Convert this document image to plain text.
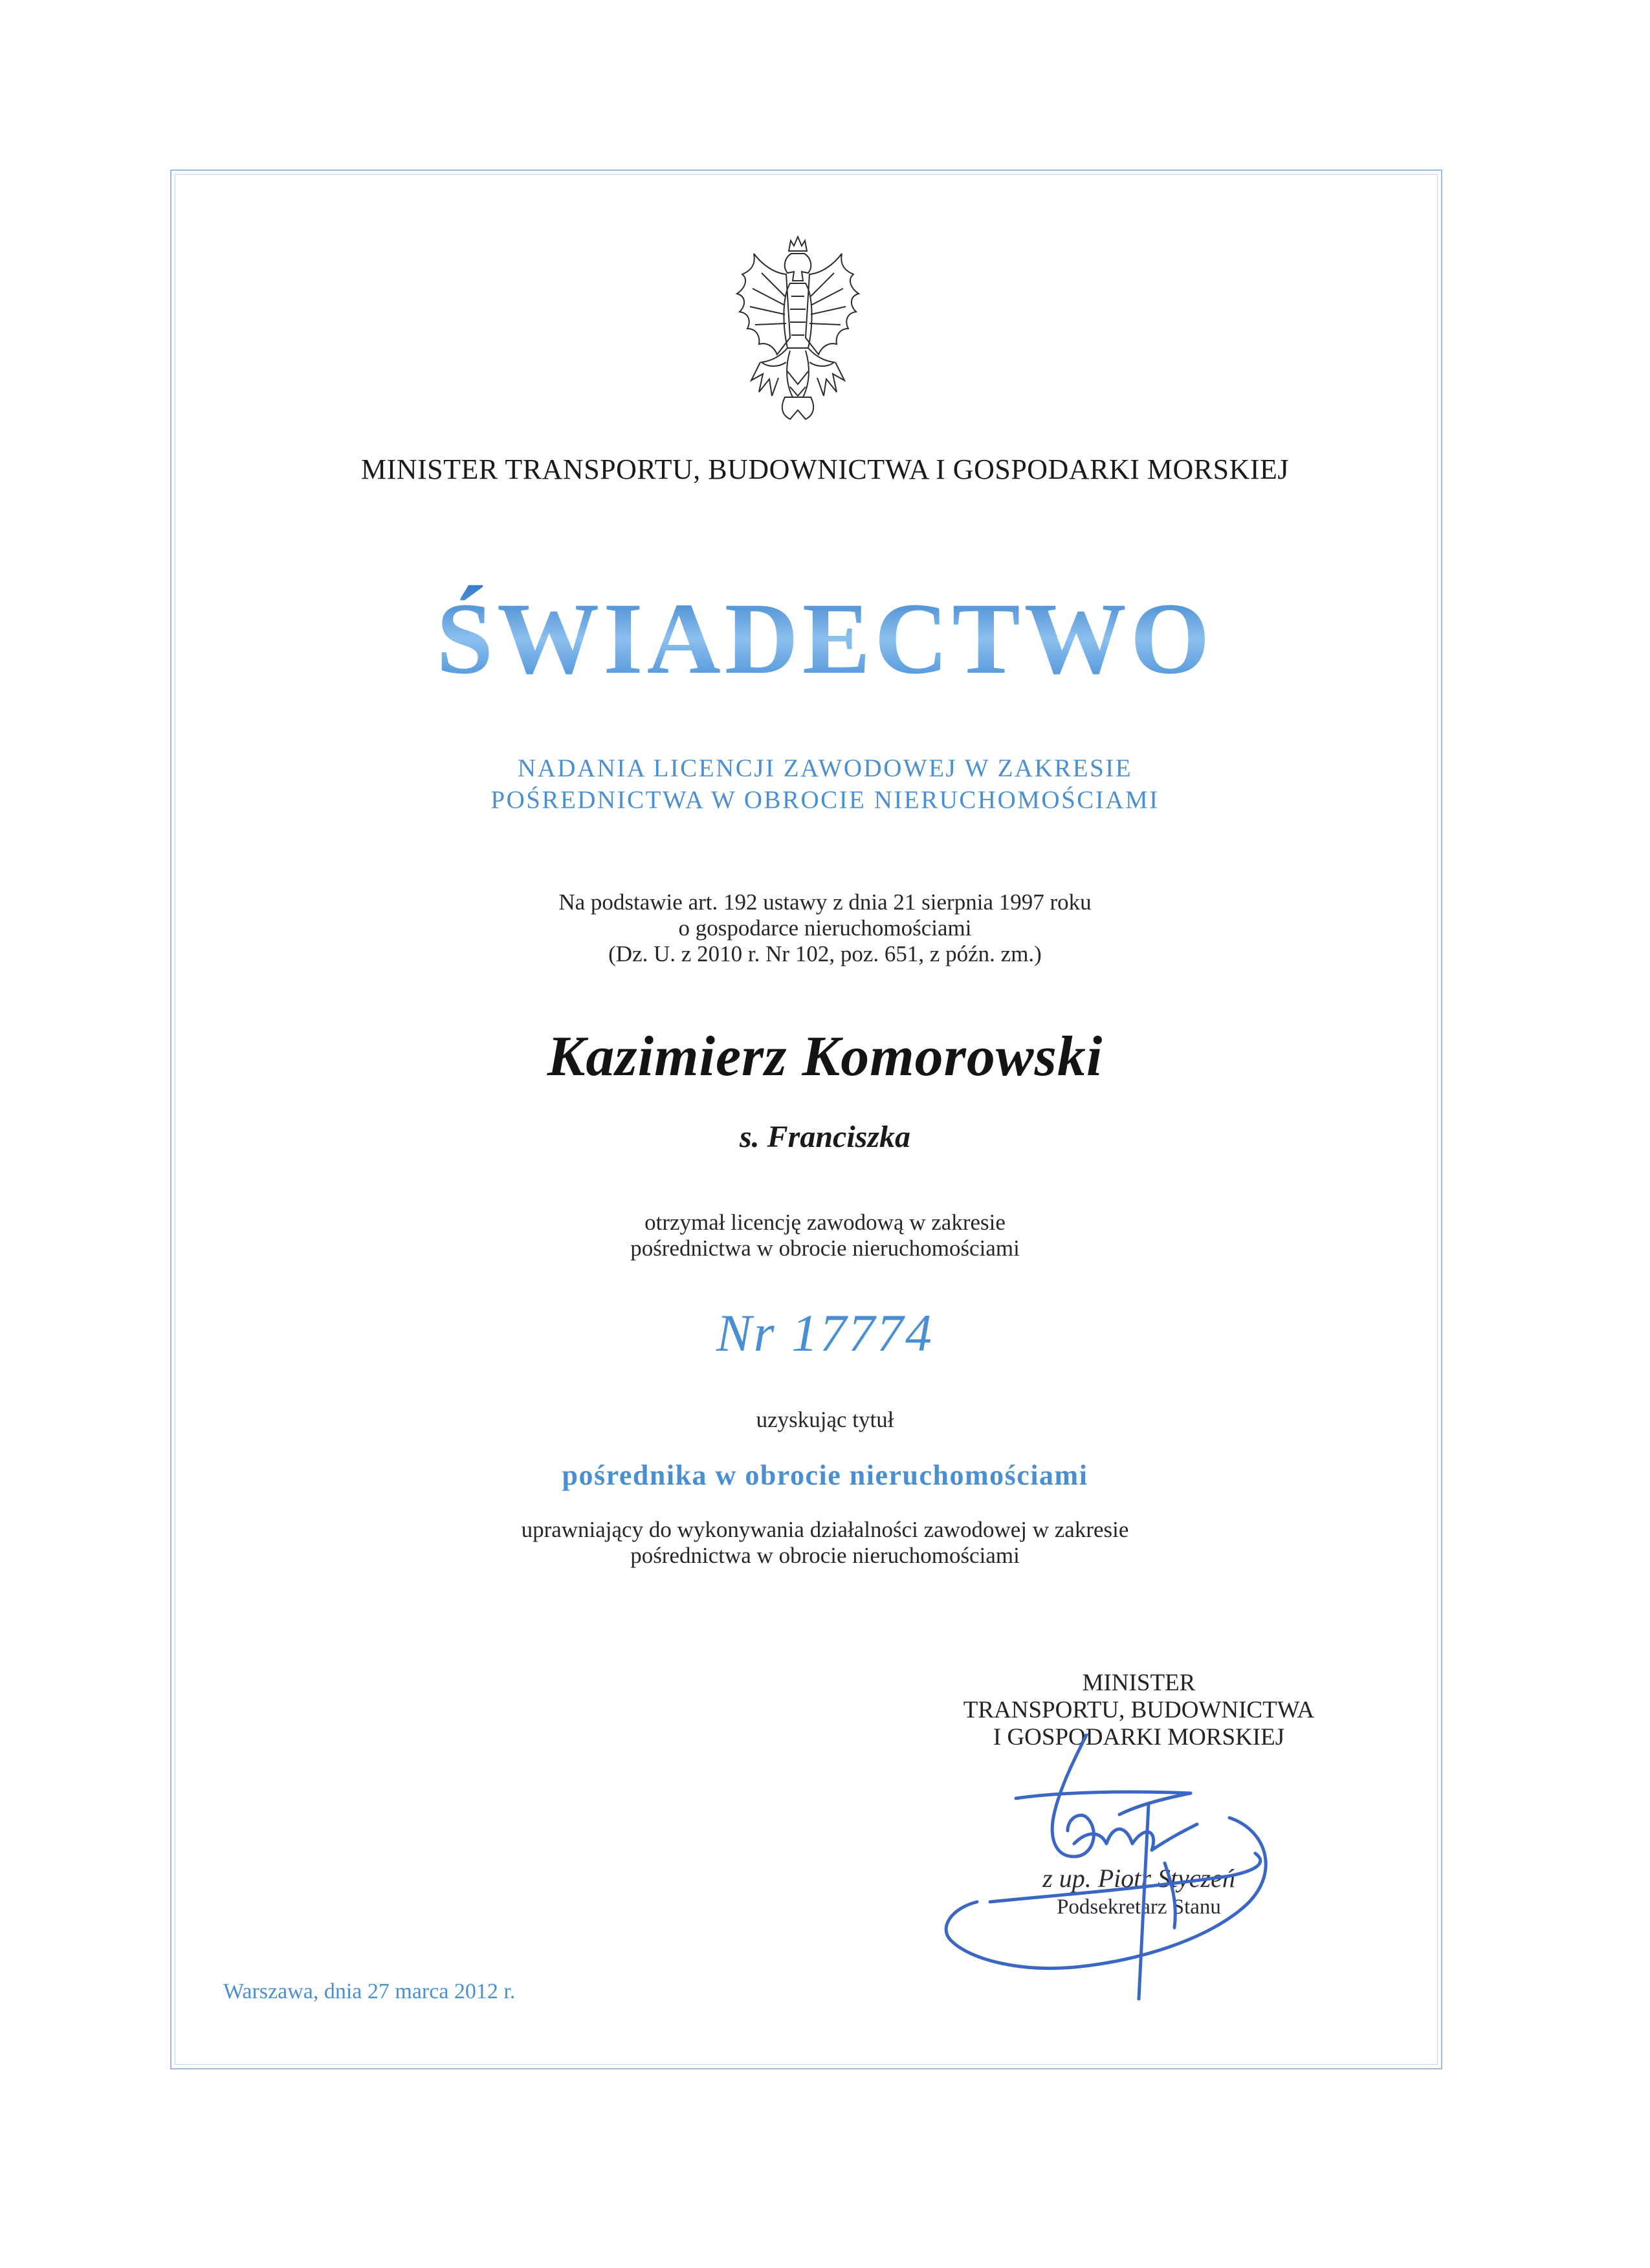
MINISTER TRANSPORTU, BUDOWNICTWA I GOSPODARKI MORSKIEJ
ŚWIADECTWO
NADANIA LICENCJI ZAWODOWEJ W ZAKRESIE
POŚREDNICTWA W OBROCIE NIERUCHOMOŚCIAMI
Na podstawie art. 192 ustawy z dnia 21 sierpnia 1997 roku
o gospodarce nieruchomościami
(Dz. U. z 2010 r. Nr 102, poz. 651, z późn. zm.)
Kazimierz Komorowski
s. Franciszka
otrzymał licencję zawodową w zakresie
pośrednictwa w obrocie nieruchomościami
Nr 17774
uzyskując tytuł
pośrednika w obrocie nieruchomościami
uprawniający do wykonywania działalności zawodowej w zakresie
pośrednictwa w obrocie nieruchomościami
MINISTER
TRANSPORTU, BUDOWNICTWA
I GOSPODARKI MORSKIEJ
z up. Piotr Styczeń
Podsekretarz Stanu
Warszawa, dnia 27 marca 2012 r.
